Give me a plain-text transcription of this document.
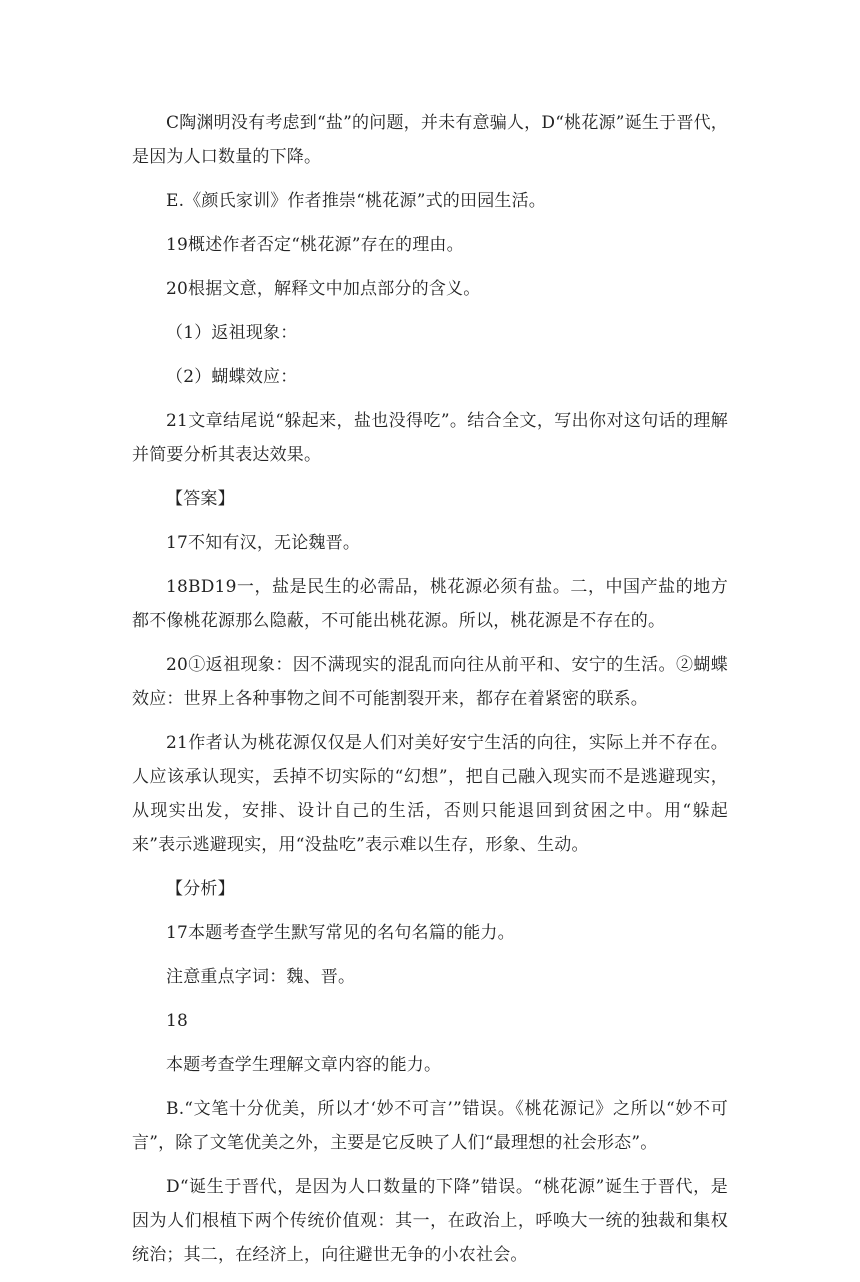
C陶渊明没有考虑到“盐”的问题，并未有意骗人，D“桃花源”诞生于晋代，是因为人口数量的下降。

E.《颜氏家训》作者推崇“桃花源”式的田园生活。

19概述作者否定“桃花源”存在的理由。

20根据文意，解释文中加点部分的含义。

（1）返祖现象：

（2）蝴蝶效应：

21文章结尾说“躲起来，盐也没得吃”。结合全文，写出你对这句话的理解并简要分析其表达效果。

【答案】

17不知有汉，无论魏晋。

18BD19一，盐是民生的必需品，桃花源必须有盐。二，中国产盐的地方都不像桃花源那么隐蔽，不可能出桃花源。所以，桃花源是不存在的。

20①返祖现象：因不满现实的混乱而向往从前平和、安宁的生活。②蝴蝶效应：世界上各种事物之间不可能割裂开来，都存在着紧密的联系。

21作者认为桃花源仅仅是人们对美好安宁生活的向往，实际上并不存在。人应该承认现实，丢掉不切实际的“幻想”，把自己融入现实而不是逃避现实，从现实出发，安排、设计自己的生活，否则只能退回到贫困之中。用“躲起来”表示逃避现实，用“没盐吃”表示难以生存，形象、生动。

【分析】

17本题考查学生默写常见的名句名篇的能力。

注意重点字词：魏、晋。

18

本题考查学生理解文章内容的能力。

B.“文笔十分优美，所以才‘妙不可言’”错误。《桃花源记》之所以“妙不可言”，除了文笔优美之外，主要是它反映了人们“最理想的社会形态”。

D“诞生于晋代，是因为人口数量的下降”错误。“桃花源”诞生于晋代，是因为人们根植下两个传统价值观：其一，在政治上，呼唤大一统的独裁和集权统治；其二，在经济上，向往避世无争的小农社会。
